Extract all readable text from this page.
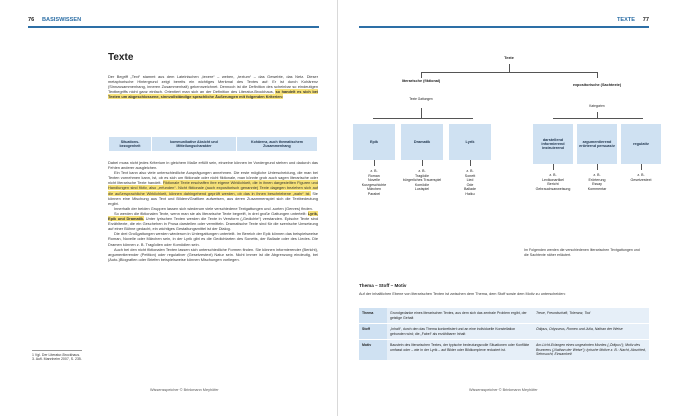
76 BASISWISSEN
Texte
Der Begriff „Text“ stammt aus dem Lateinischen „texere“ – weben, „textum“ – das Gewebte, das Netz. Dieser metaphorische Hintergrund zeigt bereits ein wichtiges Merkmal des Textes auf: Er ist durch Kohärenz (Sinnzusammenhang, inneren Zusammenhalt) gekennzeichnet. Dennoch ist die Definition des scheinbar so eindeutigen Textbegriffs nicht ganz einfach. Orientiert man sich an der Definition des Literatur-Brockhaus, so handelt es sich bei Texten um abgeschlossene, sinnvollständige sprachliche Äußerungen mit folgenden Kriterien:
Situations-bezogenheit	kommunikative Absicht und Mitteilungscharakter	Kohärenz, auch thematischem Zusammenhang
Dabei muss nicht jedes Kriterium in gleichem Maße erfüllt sein, einzelne können im Vordergrund stehen und dadurch das Fehlen anderer ausgleichen.
Ein Text kann also viele unterschiedliche Ausprägungen annehmen. Die erste mögliche Unterscheidung, die man bei Texten vornehmen kann, ist, ob es sich um fiktionale oder nicht fiktionale, man könnte grob auch sagen literarische oder nicht literarische Texte handelt. Fiktionale Texte erschaffen ihre eigene Wirklichkeit, die in ihnen dargestellten Figuren und Handlungen sind fiktiv, also „erfunden“. Nicht fiktionale (auch expositorisch genannte) Texte dagegen beziehen sich auf die außersprachliche Wirklichkeit, können dahingehend geprüft werden, ob das in ihnen beschriebene „wahr“ ist. Sie können eine Mischung aus Text und Bildern/Grafiken aufweisen, aus deren Zusammenspiel sich die Textbedeutung ergibt.
Innerhalb der beiden Gruppen lassen sich wiederum viele verschiedene Textgattungen und -sorten (Genres) finden.
So werden die fiktionalen Texte, wenn man sie als literarische Texte begreift, in drei große Gattungen unterteilt: Lyrik, Epik und Dramatik. Unter lyrischen Texten werden die Texte in Versform („Gedichte“) verstanden. Epische Texte sind Erzähltexte, die ein Geschehen in Prosa darstellen oder vermitteln. Dramatische Texte sind für die szenische Umsetzung auf einer Bühne gedacht, ein wichtiges Gestaltungsmittel ist der Dialog.
Die drei Großgattungen werden wiederum in Untergattungen unterteilt. Im Bereich der Epik können das beispielsweise Roman, Novelle oder Märchen sein, in der Lyrik gibt es die Gedichtarten des Sonetts, der Ballade oder des Liedes. Die Dramen können z. B. Tragödien oder Komödien sein.
Auch bei den nicht fiktionalen Texten lassen sich unterschiedliche Formen finden. Sie können informierender (Bericht), argumentierender (Petition) oder regulativer (Gesetzestext) Natur sein. Nicht immer ist die Abgrenzung eindeutig, bei (Auto-)Biografien oder Briefen beispielsweise können Mischungen vorliegen.
1 Vgl. Der Literatur-Brockhaus. 3. Aufl. Mannheim 2007, S. 235.
Wissensspeicher © Brinkmann Meyhöfer
TEXTE 77
Texte
literarische (fiktional)
expositorische (Sachtexte)
Texte Gattungen
Kategorien
Epik	Dramatik	Lyrik	darstellend informierend instruierend
argumentierend erörternd persuasiv	regulativ
z. B.
Roman
Novelle
Kurzgeschichte
Märchen
Parabel
z. B.
Tragödie
bürgerliches Trauerspiel
Komödie
Lustspiel
z. B.
Sonett
Lied
Ode
Ballade
Haiku
z. B.
Lexikonartikel
Bericht
Gebrauchsanweisung
z. B.
Erörterung
Essay
Kommentar
z. B.
Gesetzestext
Im Folgenden werden die verschiedenen literarischen Textgattungen und die Sachtexte näher erläutert.
Thema – Stoff – Motiv
Auf der inhaltlichen Ebene von literarischen Texten ist zwischen dem Thema, dem Stoff sowie dem Motiv zu unterscheiden:
Thema	Grundgedanke eines literarischen Textes, aus dem sich das zentrale Problem ergibt, der geistige Gehalt	Treue, Freundschaft, Toleranz, Tod
Stoff	„Inhalt“, durch den das Thema konkretisiert und an eine individuelle Konstellation gebunden wird; die „Fabel“ als erzählbarer Inhalt	Ödipus, Odysseus, Romeo und Julia, Nathan der Weise
Motiv	Baustein des literarischen Textes, der typische bedeutungsvolle Situationen oder Konflikte umfasst oder – wie in der Lyrik – auf Bilder oder Bildkomplexe reduziert ist.	Am-Licht-Erlangen eines ungeahnten Mordes („Ödipus“); Motiv des Brunnens („Nathan der Weise“); lyrische Motive z. B.: Nacht, Abschied, Sehnsucht, Einsamkeit
Wissensspeicher © Brinkmann Meyhöfer
